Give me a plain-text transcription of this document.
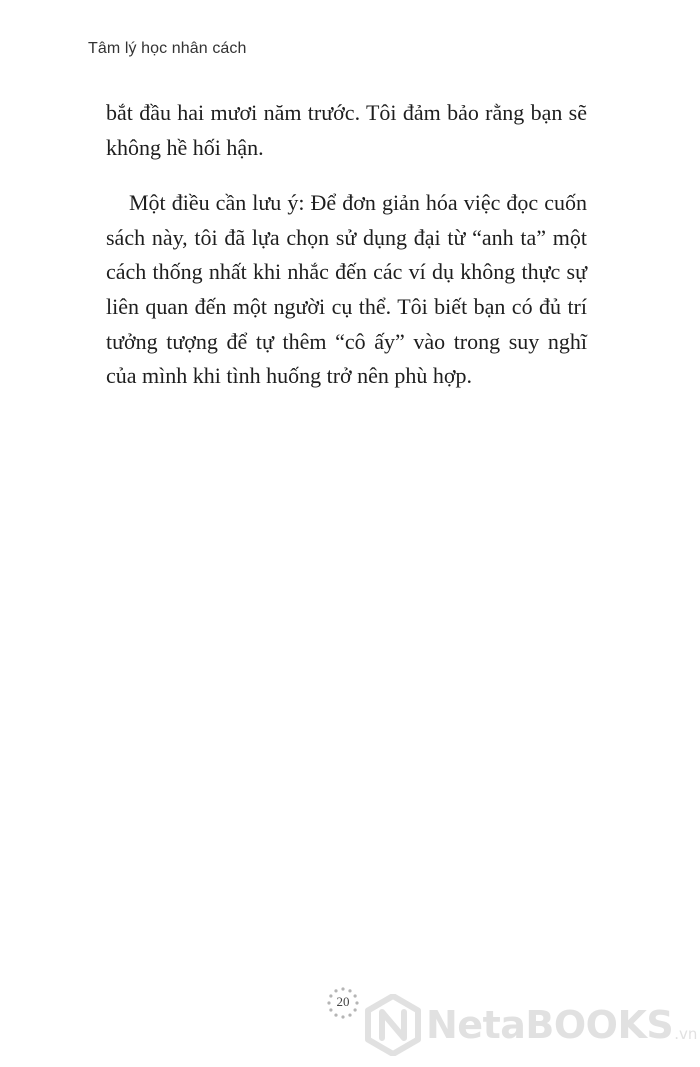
Tâm lý học nhân cách

bắt đầu hai mươi năm trước. Tôi đảm bảo rằng bạn sẽ không hề hối hận.

Một điều cần lưu ý: Để đơn giản hóa việc đọc cuốn sách này, tôi đã lựa chọn sử dụng đại từ “anh ta” một cách thống nhất khi nhắc đến các ví dụ không thực sự liên quan đến một người cụ thể. Tôi biết bạn có đủ trí tưởng tượng để tự thêm “cô ấy” vào trong suy nghĩ của mình khi tình huống trở nên phù hợp.

20
NetaBOOKS .vn
